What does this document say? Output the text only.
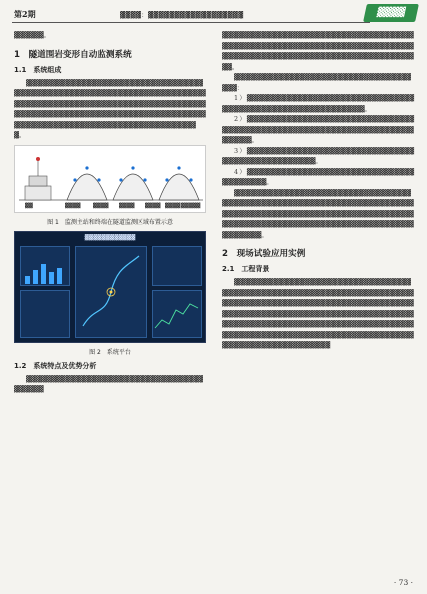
第2期	▓▓▓▓：▓▓▓▓▓▓▓▓▓▓▓▓▓▓▓▓▓▓	▓▓▓▓

▓▓▓▓▓▓。

1　隧道围岩变形自动监测系统
1.1　系统组成

▓▓▓▓▓▓▓▓▓▓▓▓▓▓▓▓▓▓▓▓▓▓▓▓▓▓▓▓▓▓▓▓▓▓▓▓▓▓▓▓▓▓▓▓▓▓▓▓▓▓▓▓▓▓▓▓▓▓▓▓▓▓▓▓▓▓▓▓▓▓▓▓▓▓▓▓▓▓▓▓▓▓▓▓▓▓▓▓▓▓▓▓▓▓▓▓▓▓▓▓▓▓▓▓▓▓▓▓▓▓▓▓▓▓▓▓▓▓▓▓▓▓▓▓▓▓▓▓▓▓▓▓▓▓▓▓▓▓▓▓▓▓▓▓▓▓▓▓▓▓▓▓▓▓▓▓▓▓▓▓▓▓▓▓▓▓▓▓▓▓▓▓▓▓▓▓▓▓▓▓▓▓▓▓▓▓▓▓▓▓▓。

▓▓	▓▓▓▓	▓▓▓▓ ▓▓▓▓ ▓▓▓▓ ▓▓▓▓ ▓▓▓▓▓
图 1　监测主站和终端在隧道监测区域布置示意
▓▓▓▓▓▓▓▓▓▓▓▓
图 2　系统平台
1.2　系统特点及优势分析

▓▓▓▓▓▓▓▓▓▓▓▓▓▓▓▓▓▓▓▓▓▓▓▓▓▓▓▓▓▓▓▓▓▓▓▓▓▓▓▓▓▓

▓▓▓▓▓▓▓▓▓▓▓▓▓▓▓▓▓▓▓▓▓▓▓▓▓▓▓▓▓▓▓▓▓▓▓▓▓▓▓▓▓▓▓▓▓▓▓▓▓▓▓▓▓▓▓▓▓▓▓▓▓▓▓▓▓▓▓▓▓▓▓▓▓▓▓▓▓▓▓▓▓▓▓▓▓▓▓▓▓▓▓▓▓▓▓▓▓▓▓▓▓▓▓▓▓▓▓▓▓▓▓▓▓▓▓▓▓▓▓。

▓▓▓▓▓▓▓▓▓▓▓▓▓▓▓▓▓▓▓▓▓▓▓▓▓▓▓▓▓▓▓▓▓▓▓▓▓▓▓：

1）▓▓▓▓▓▓▓▓▓▓▓▓▓▓▓▓▓▓▓▓▓▓▓▓▓▓▓▓▓▓▓▓▓▓▓▓▓▓▓▓▓▓▓▓▓▓▓▓▓▓▓▓▓▓▓▓▓▓▓▓▓▓▓。

2）▓▓▓▓▓▓▓▓▓▓▓▓▓▓▓▓▓▓▓▓▓▓▓▓▓▓▓▓▓▓▓▓▓▓▓▓▓▓▓▓▓▓▓▓▓▓▓▓▓▓▓▓▓▓▓▓▓▓▓▓▓▓▓▓▓▓▓▓▓▓▓▓▓▓▓▓▓▓▓。

3）▓▓▓▓▓▓▓▓▓▓▓▓▓▓▓▓▓▓▓▓▓▓▓▓▓▓▓▓▓▓▓▓▓▓▓▓▓▓▓▓▓▓▓▓▓▓▓▓▓▓▓▓▓。

4）▓▓▓▓▓▓▓▓▓▓▓▓▓▓▓▓▓▓▓▓▓▓▓▓▓▓▓▓▓▓▓▓▓▓▓▓▓▓▓▓▓▓▓。

▓▓▓▓▓▓▓▓▓▓▓▓▓▓▓▓▓▓▓▓▓▓▓▓▓▓▓▓▓▓▓▓▓▓▓▓▓▓▓▓▓▓▓▓▓▓▓▓▓▓▓▓▓▓▓▓▓▓▓▓▓▓▓▓▓▓▓▓▓▓▓▓▓▓▓▓▓▓▓▓▓▓▓▓▓▓▓▓▓▓▓▓▓▓▓▓▓▓▓▓▓▓▓▓▓▓▓▓▓▓▓▓▓▓▓▓▓▓▓▓▓▓▓▓▓▓▓▓▓▓▓▓▓▓▓▓▓▓▓▓▓▓▓▓▓▓▓▓▓▓▓▓▓▓▓▓▓▓▓▓▓。

2　现场试验应用实例
2.1　工程背景

▓▓▓▓▓▓▓▓▓▓▓▓▓▓▓▓▓▓▓▓▓▓▓▓▓▓▓▓▓▓▓▓▓▓▓▓▓▓▓▓▓▓▓▓▓▓▓▓▓▓▓▓▓▓▓▓▓▓▓▓▓▓▓▓▓▓▓▓▓▓▓▓▓▓▓▓▓▓▓▓▓▓▓▓▓▓▓▓▓▓▓▓▓▓▓▓▓▓▓▓▓▓▓▓▓▓▓▓▓▓▓▓▓▓▓▓▓▓▓▓▓▓▓▓▓▓▓▓▓▓▓▓▓▓▓▓▓▓▓▓▓▓▓▓▓▓▓▓▓▓▓▓▓▓▓▓▓▓▓▓▓▓▓▓▓▓▓▓▓▓▓▓▓▓▓▓▓▓▓▓▓▓▓▓▓▓▓▓▓▓▓▓▓▓▓▓▓▓▓▓▓▓▓▓▓▓▓▓▓▓▓▓▓▓▓▓▓▓▓▓▓▓▓▓▓▓▓▓▓▓▓▓▓▓▓▓▓▓▓▓▓▓▓▓▓▓▓▓▓▓▓▓▓

· 73 ·
